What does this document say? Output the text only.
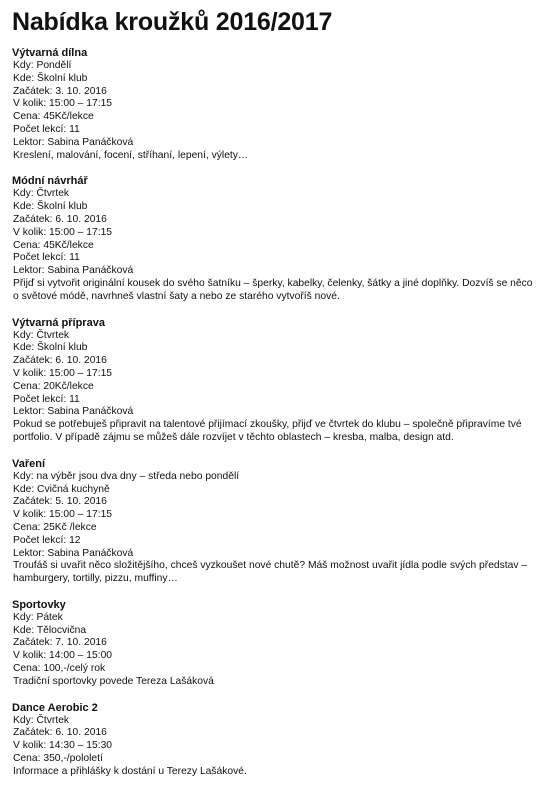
Nabídka kroužků 2016/2017
Výtvarná dílna
Kdy: Pondělí
Kde: Školní klub
Začátek: 3. 10. 2016
V kolik: 15:00 – 17:15
Cena: 45Kč/lekce
Počet lekcí: 11
Lektor: Sabina Panáčková
Kreslení, malování, focení, stříhaní, lepení, výlety…
Módní návrhář
Kdy: Čtvrtek
Kde: Školní klub
Začátek: 6. 10. 2016
V kolik: 15:00 – 17:15
Cena: 45Kč/lekce
Počet lekcí: 11
Lektor: Sabina Panáčková
Přijď si vytvořit originální kousek do svého šatníku – šperky, kabelky, čelenky, šátky a jiné doplňky. Dozvíš se něco o světové módě, navrhneš vlastní šaty a nebo ze starého vytvoříš nové.
Výtvarná příprava
Kdy: Čtvrtek
Kde: Školní klub
Začátek: 6. 10. 2016
V kolik: 15:00 – 17:15
Cena: 20Kč/lekce
Počet lekcí: 11
Lektor: Sabina Panáčková
Pokud se potřebuješ připravit na talentové přijímací zkoušky, přijď ve čtvrtek do klubu – společně připravíme tvé portfolio. V případě zájmu se můžeš dále rozvíjet v těchto oblastech – kresba, malba, design atd.
Vaření
Kdy: na výběr jsou dva dny – středa nebo pondělí
Kde: Cvičná kuchyně
Začátek: 5. 10. 2016
V kolik: 15:00 – 17:15
Cena: 25Kč /lekce
Počet lekcí: 12
Lektor: Sabina Panáčková
Troufáš si uvařit něco složitějšího, chceš vyzkoušet nové chutě? Máš možnost uvařit jídla podle svých představ – hamburgery, tortilly, pizzu, muffiny…
Sportovky
Kdy: Pátek
Kde: Tělocvična
Začátek: 7. 10. 2016
V kolik: 14:00 – 15:00
Cena: 100,-/celý rok
Tradiční sportovky povede Tereza Lašáková
Dance Aerobic 2
Kdy: Čtvrtek
Začátek: 6. 10. 2016
V kolik: 14:30 – 15:30
Cena: 350,-/pololetí
Informace a přihlášky k dostání u Terezy Lašákové.
